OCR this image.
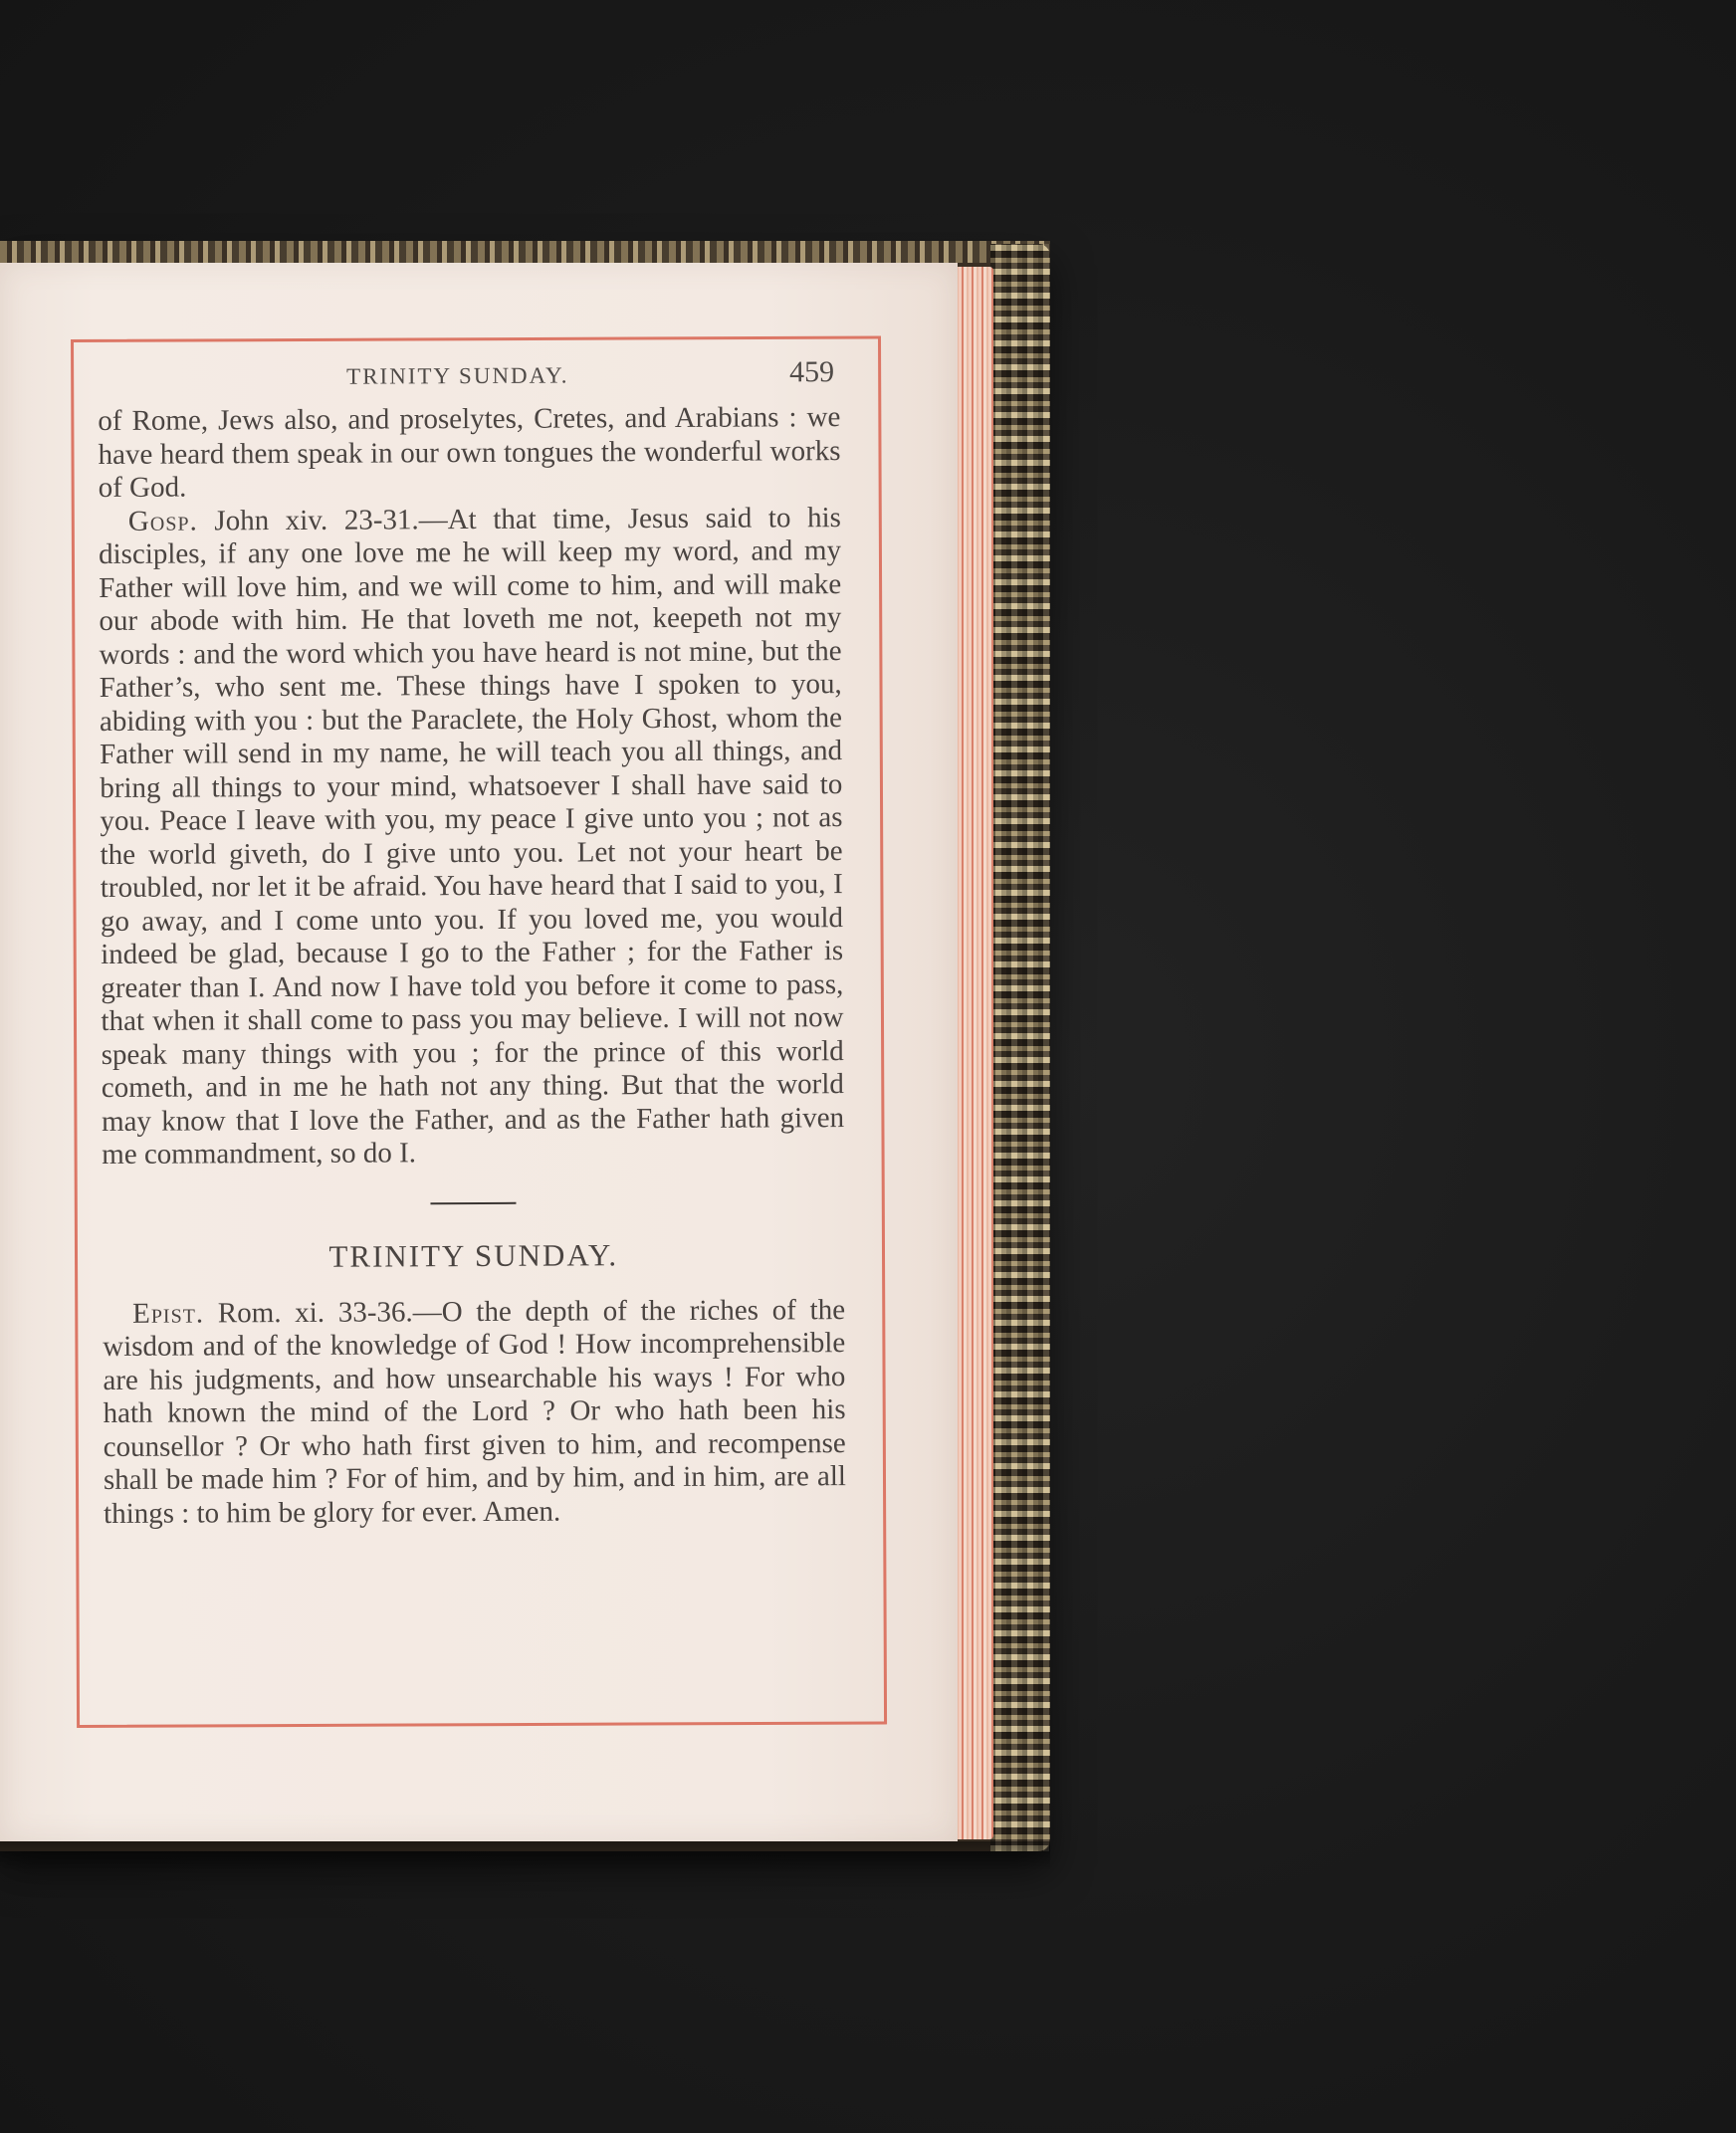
TRINITY SUNDAY.	459

of Rome, Jews also, and proselytes, Cretes, and Arabians : we have heard them speak in our own tongues the wonderful works of God.

Gosp. John xiv. 23-31.—At that time, Jesus said to his disciples, if any one love me he will keep my word, and my Father will love him, and we will come to him, and will make our abode with him. He that loveth me not, keepeth not my words : and the word which you have heard is not mine, but the Father’s, who sent me. These things have I spoken to you, abiding with you : but the Paraclete, the Holy Ghost, whom the Father will send in my name, he will teach you all things, and bring all things to your mind, whatsoever I shall have said to you. Peace I leave with you, my peace I give unto you ; not as the world giveth, do I give unto you. Let not your heart be troubled, nor let it be afraid. You have heard that I said to you, I go away, and I come unto you. If you loved me, you would indeed be glad, because I go to the Father ; for the Father is greater than I. And now I have told you before it come to pass, that when it shall come to pass you may believe. I will not now speak many things with you ; for the prince of this world cometh, and in me he hath not any thing. But that the world may know that I love the Father, and as the Father hath given me commandment, so do I.

TRINITY SUNDAY.

Epist. Rom. xi. 33-36.—O the depth of the riches of the wisdom and of the knowledge of God ! How incomprehensible are his judgments, and how unsearchable his ways ! For who hath known the mind of the Lord ? Or who hath been his counsellor ? Or who hath first given to him, and recompense shall be made him ? For of him, and by him, and in him, are all things : to him be glory for ever. Amen.
